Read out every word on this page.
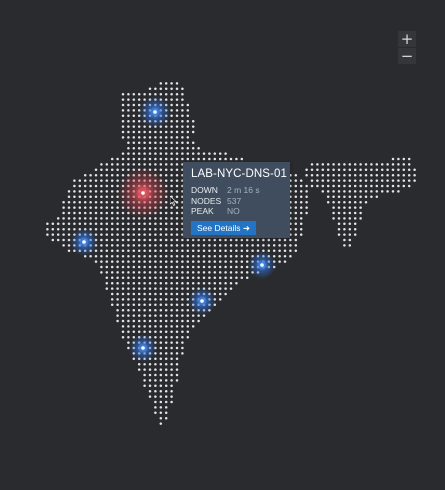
+
−
LAB-NYC-DNS-01
DOWN 2 m 16 s
NODES 537
PEAK NO
See Details ➜
